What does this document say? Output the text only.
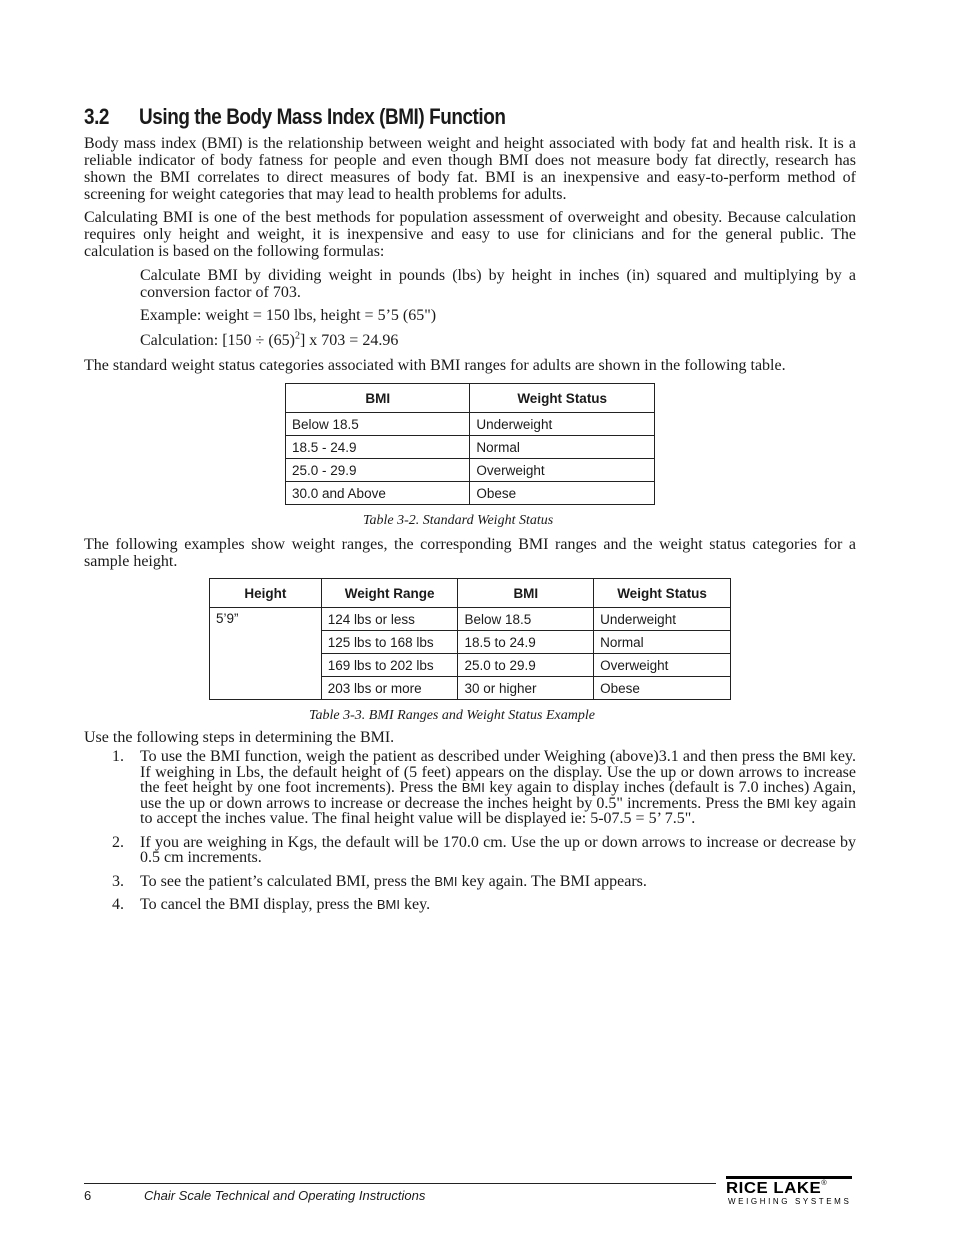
3.2 Using the Body Mass Index (BMI) Function

Body mass index (BMI) is the relationship between weight and height associated with body fat and health risk. It is a reliable indicator of body fatness for people and even though BMI does not measure body fat directly, research has shown the BMI correlates to direct measures of body fat. BMI is an inexpensive and easy-to-perform method of screening for weight categories that may lead to health problems for adults.

Calculating BMI is one of the best methods for population assessment of overweight and obesity. Because calculation requires only height and weight, it is inexpensive and easy to use for clinicians and for the general public. The calculation is based on the following formulas:

Calculate BMI by dividing weight in pounds (lbs) by height in inches (in) squared and multiplying by a conversion factor of 703.

Example: weight = 150 lbs, height = 5’5 (65")

Calculation: $[150 \div (65)^2]$ x 703 = 24.96

The standard weight status categories associated with BMI ranges for adults are shown in the following table.

BMI	Weight Status
Below 18.5	Underweight
18.5 - 24.9	Normal
25.0 - 29.9	Overweight
30.0 and Above	Obese
Table 3-2. Standard Weight Status

The following examples show weight ranges, the corresponding BMI ranges and the weight status categories for a sample height.

Height	Weight Range	BMI	Weight Status
5’9”	124 lbs or less	Below 18.5	Underweight
	125 lbs to 168 lbs	18.5 to 24.9	Normal
	169 lbs to 202 lbs	25.0 to 29.9	Overweight
	203 lbs or more	30 or higher	Obese
Table 3-3. BMI Ranges and Weight Status Example

Use the following steps in determining the BMI.

1. To use the BMI function, weigh the patient as described under Weighing (above)3.1 and then press the BMI key. If weighing in Lbs, the default height of (5 feet) appears on the display. Use the up or down arrows to increase the feet height by one foot increments). Press the BMI key again to display inches (default is 7.0 inches) Again, use the up or down arrows to increase or decrease the inches height by 0.5" increments. Press the BMI key again to accept the inches value. The final height value will be displayed ie: 5-07.5 = 5’ 7.5".
2. If you are weighing in Kgs, the default will be 170.0 cm. Use the up or down arrows to increase or decrease by 0.5 cm increments.
3. To see the patient’s calculated BMI, press the BMI key again. The BMI appears.
4. To cancel the BMI display, press the BMI key.
6	Chair Scale Technical and Operating Instructions	RICE LAKE®
WEIGHING SYSTEMS
